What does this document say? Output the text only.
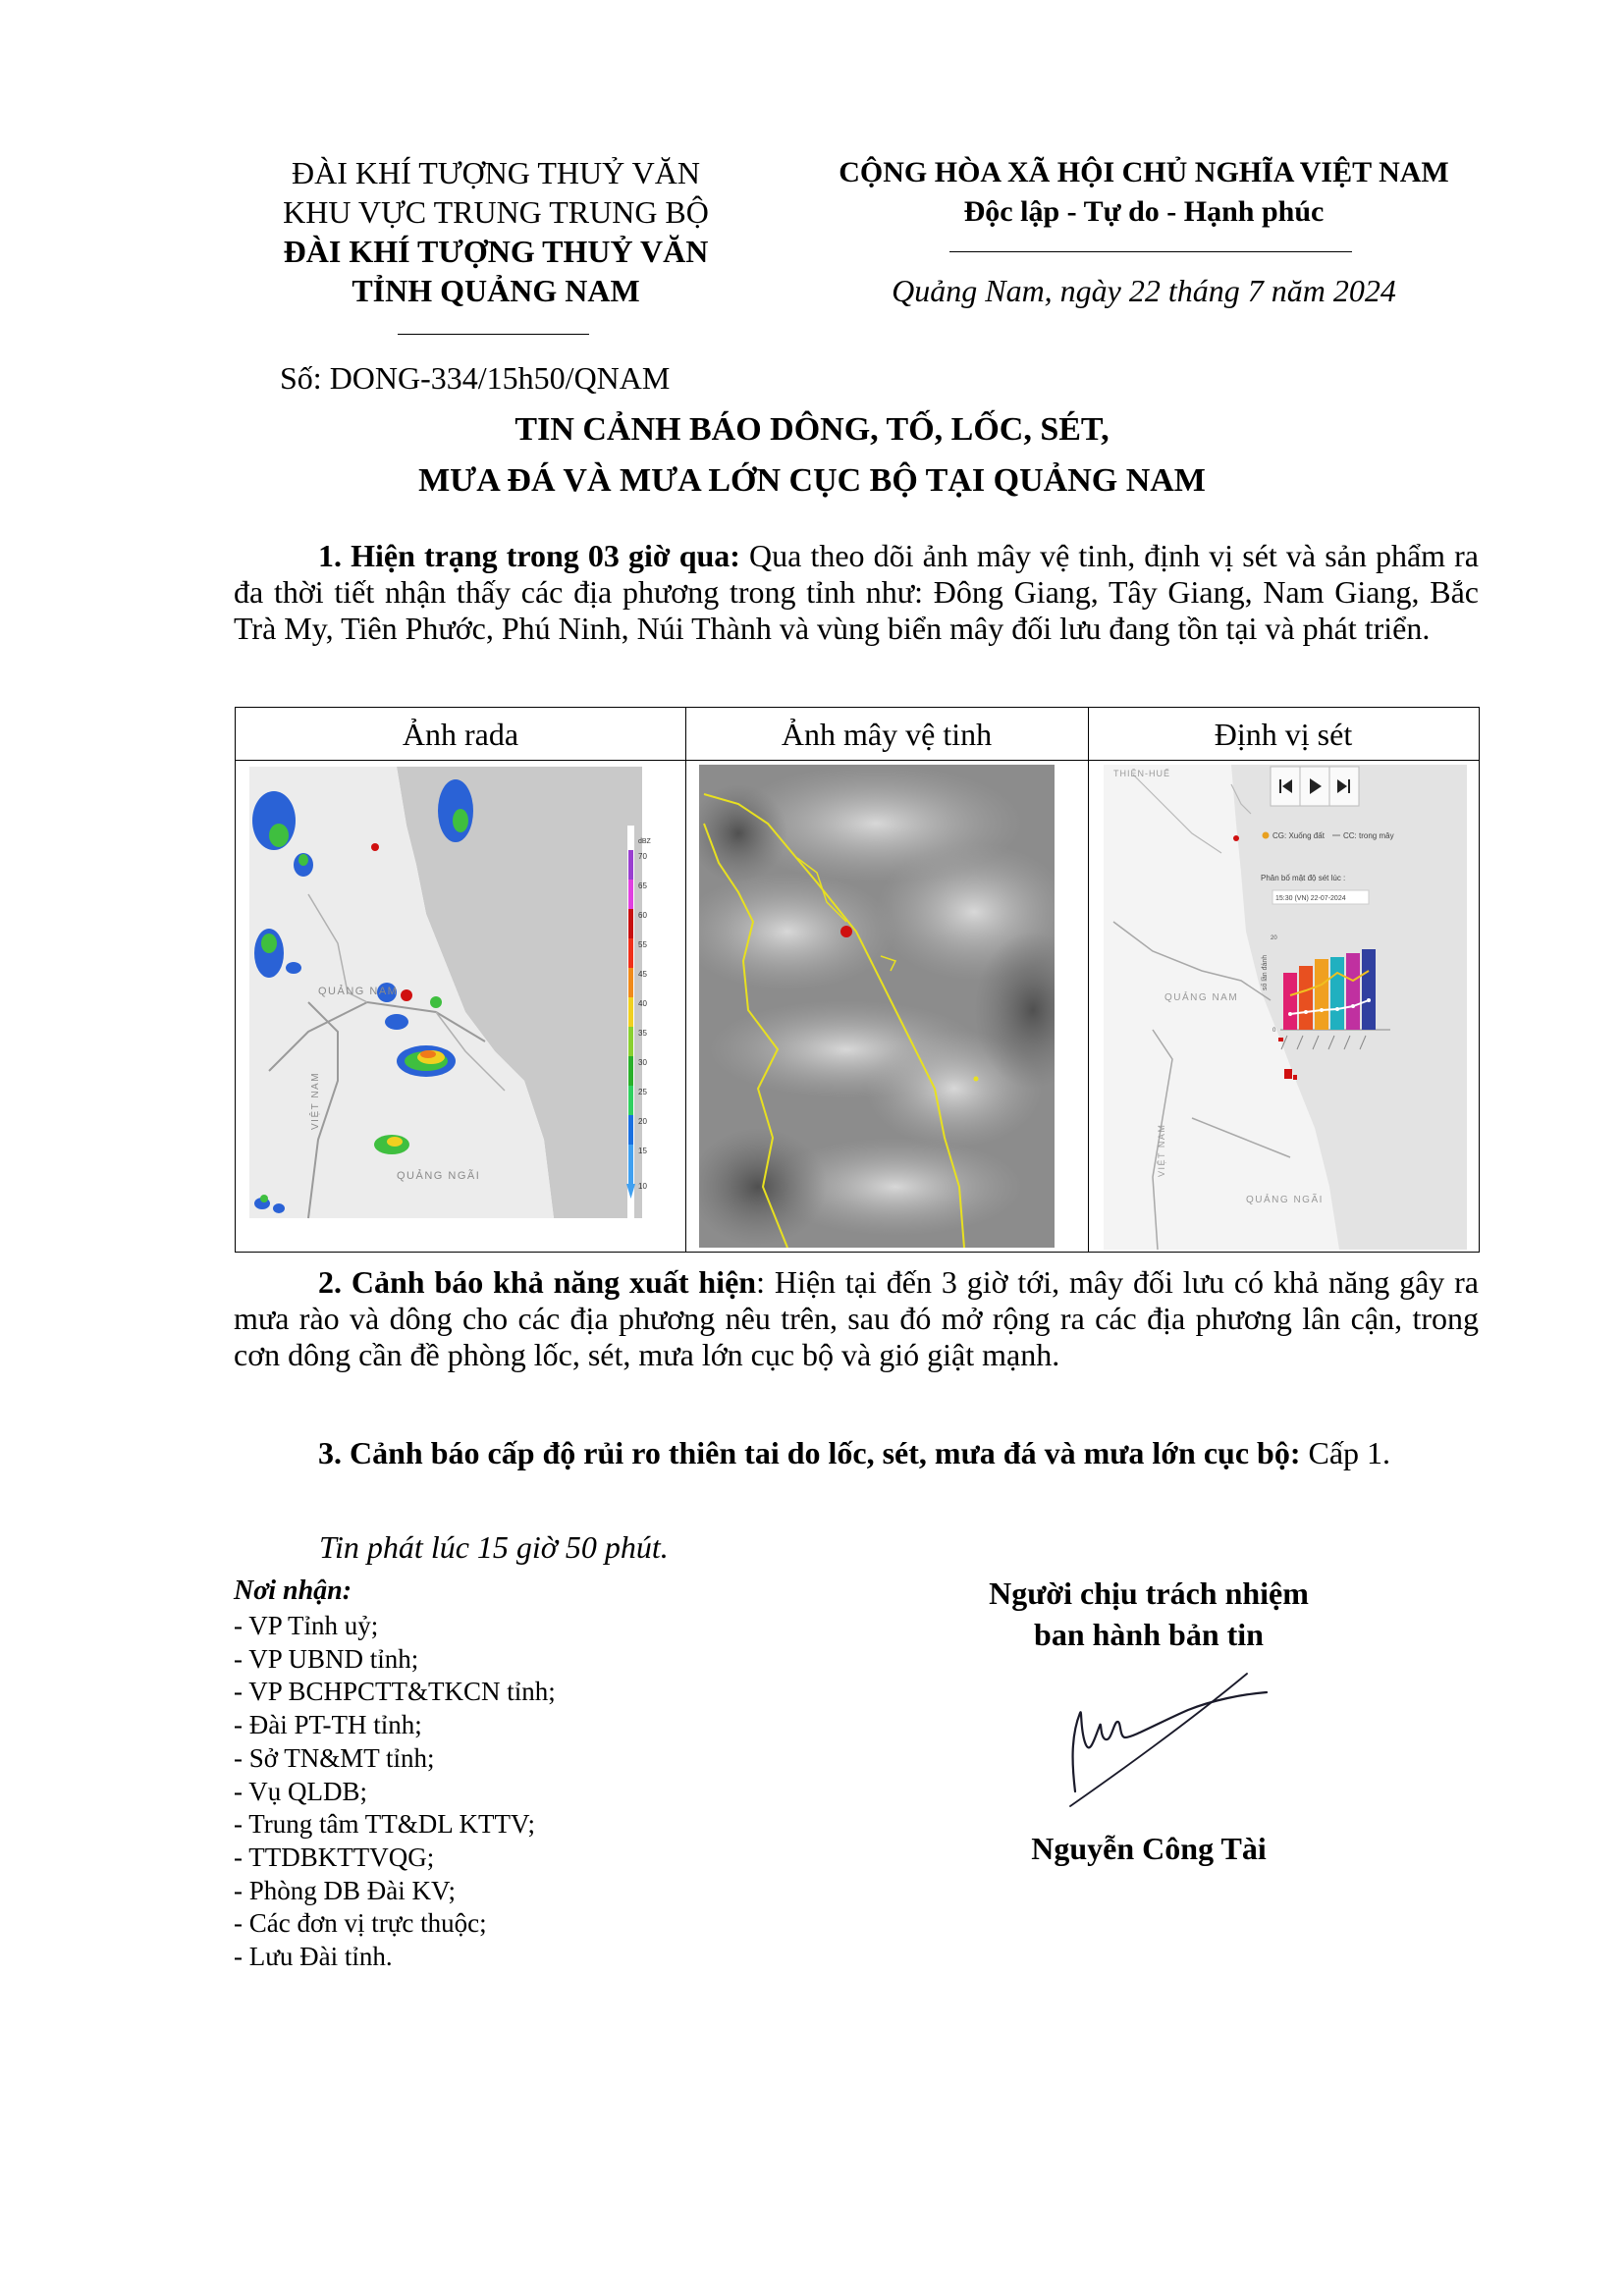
ĐÀI KHÍ TƯỢNG THUỶ VĂN
KHU VỰC TRUNG TRUNG BỘ
ĐÀI KHÍ TƯỢNG THUỶ VĂN
TỈNH QUẢNG NAM
Số: DONG-334/15h50/QNAM
CỘNG HÒA XÃ HỘI CHỦ NGHĨA VIỆT NAM
Độc lập - Tự do - Hạnh phúc
Quảng Nam, ngày 22 tháng 7 năm 2024
TIN CẢNH BÁO DÔNG, TỐ, LỐC, SÉT,
MƯA ĐÁ VÀ MƯA LỚN CỤC BỘ TẠI QUẢNG NAM
1. Hiện trạng trong 03 giờ qua: Qua theo dõi ảnh mây vệ tinh, định vị sét và sản phẩm ra đa thời tiết nhận thấy các địa phương trong tỉnh như: Đông Giang, Tây Giang, Nam Giang, Bắc Trà My, Tiên Phước, Phú Ninh, Núi Thành và vùng biển mây đối lưu đang tồn tại và phát triển.
Ảnh rada	Ảnh mây vệ tinh	Định vị sét
QUẢNG NAM
QUẢNG NGÃI
VIỆT NAM
dBZ
70
65
60
55
45
40
35
30
25
20
15
10
THIÊN-HUẾ
QUẢNG NAM
QUẢNG NGÃI
VIỆT NAM
CG: Xuống đất CC: trong mây
Phân bố mật độ sét lúc :
15:30 (VN) 22-07-2024
số lần đánh
20
0
2. Cảnh báo khả năng xuất hiện: Hiện tại đến 3 giờ tới, mây đối lưu có khả năng gây ra mưa rào và dông cho các địa phương nêu trên, sau đó mở rộng ra các địa phương lân cận, trong cơn dông cần đề phòng lốc, sét, mưa lớn cục bộ và gió giật mạnh.
3. Cảnh báo cấp độ rủi ro thiên tai do lốc, sét, mưa đá và mưa lớn cục bộ: Cấp 1.
Tin phát lúc 15 giờ 50 phút.
Nơi nhận:
- VP Tỉnh uỷ;
- VP UBND tỉnh;
- VP BCHPCTT&TKCN tỉnh;
- Đài PT-TH tỉnh;
- Sở TN&MT tỉnh;
- Vụ QLDB;
- Trung tâm TT&DL KTTV;
- TTDBKTTVQG;
- Phòng DB Đài KV;
- Các đơn vị trực thuộc;
- Lưu Đài tỉnh.
Người chịu trách nhiệm
ban hành bản tin
Nguyễn Công Tài
